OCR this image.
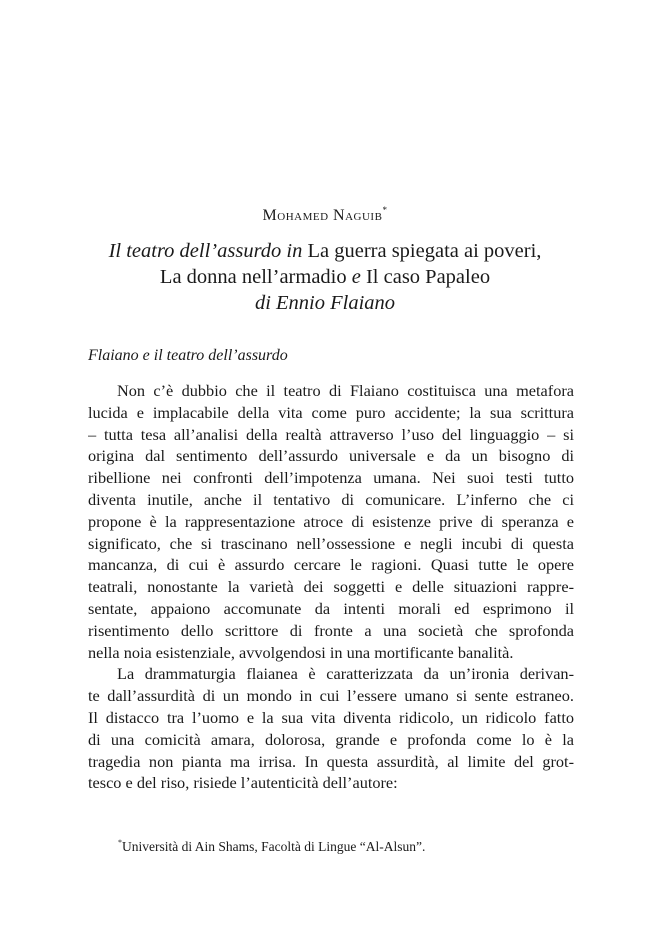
Mohamed Naguib*
Il teatro dell’assurdo in La guerra spiegata ai poveri,
La donna nell’armadio e Il caso Papaleo
di Ennio Flaiano
Flaiano e il teatro dell’assurdo
Non c’è dubbio che il teatro di Flaiano costituisca una metafora
lucida e implacabile della vita come puro accidente; la sua scrittura
– tutta tesa all’analisi della realtà attraverso l’uso del linguaggio – si
origina dal sentimento dell’assurdo universale e da un bisogno di
ribellione nei confronti dell’impotenza umana. Nei suoi testi tutto
diventa inutile, anche il tentativo di comunicare. L’inferno che ci
propone è la rappresentazione atroce di esistenze prive di speranza e
significato, che si trascinano nell’ossessione e negli incubi di questa
mancanza, di cui è assurdo cercare le ragioni. Quasi tutte le opere
teatrali, nonostante la varietà dei soggetti e delle situazioni rappre-
sentate, appaiono accomunate da intenti morali ed esprimono il
risentimento dello scrittore di fronte a una società che sprofonda
nella noia esistenziale, avvolgendosi in una mortificante banalità.
La drammaturgia flaianea è caratterizzata da un’ironia derivan-
te dall’assurdità di un mondo in cui l’essere umano si sente estraneo.
Il distacco tra l’uomo e la sua vita diventa ridicolo, un ridicolo fatto
di una comicità amara, dolorosa, grande e profonda come lo è la
tragedia non pianta ma irrisa. In questa assurdità, al limite del grot-
tesco e del riso, risiede l’autenticità dell’autore:
*Università di Ain Shams, Facoltà di Lingue “Al-Alsun”.
